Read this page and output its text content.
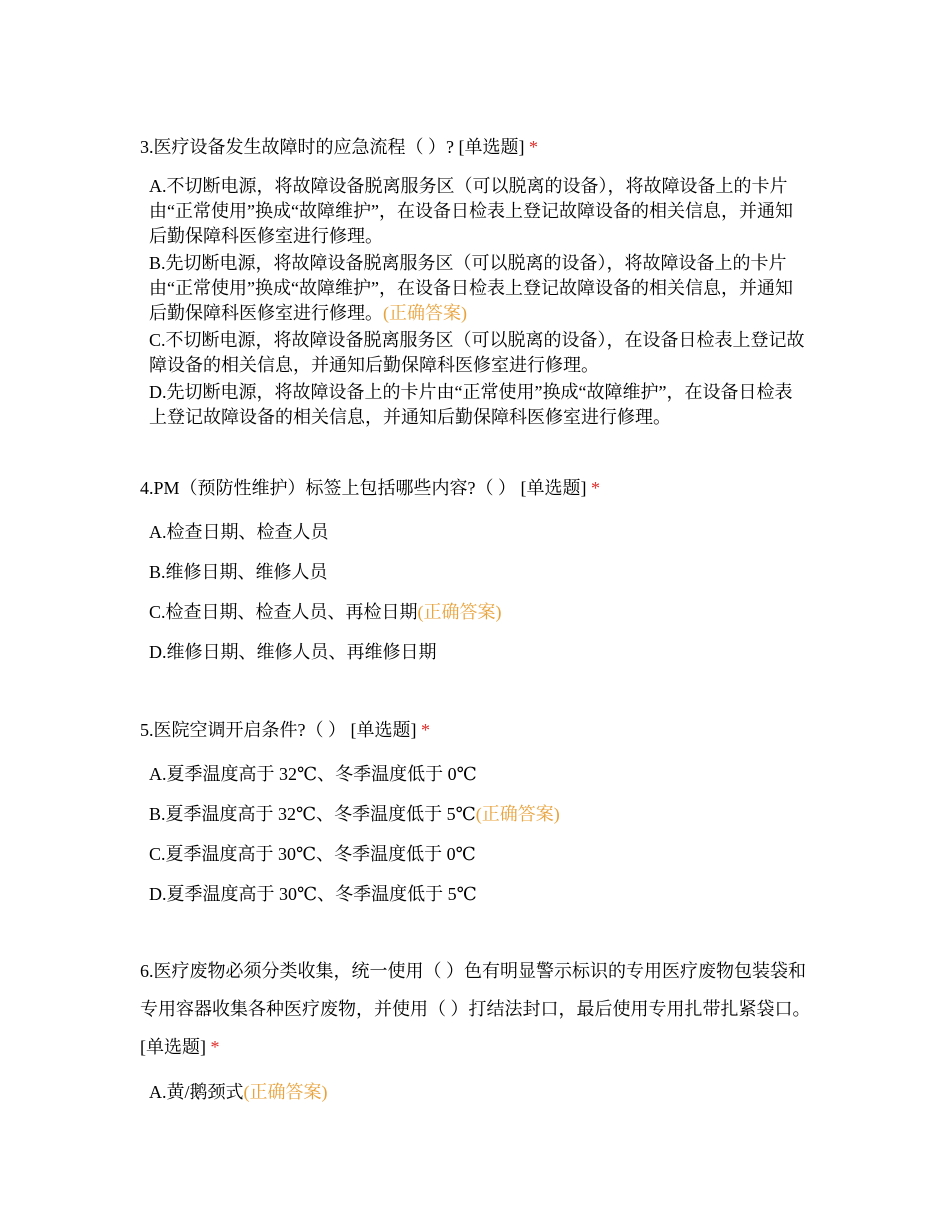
3.医疗设备发生故障时的应急流程（ ）? [单选题] *
A.不切断电源，将故障设备脱离服务区（可以脱离的设备），将故障设备上的卡片由“正常使用”换成“故障维护”，在设备日检表上登记故障设备的相关信息，并通知后勤保障科医修室进行修理。
B.先切断电源，将故障设备脱离服务区（可以脱离的设备），将故障设备上的卡片由“正常使用”换成“故障维护”，在设备日检表上登记故障设备的相关信息，并通知后勤保障科医修室进行修理。(正确答案)
C.不切断电源，将故障设备脱离服务区（可以脱离的设备），在设备日检表上登记故障设备的相关信息，并通知后勤保障科医修室进行修理。
D.先切断电源，将故障设备上的卡片由“正常使用”换成“故障维护”，在设备日检表上登记故障设备的相关信息，并通知后勤保障科医修室进行修理。
4.PM（预防性维护）标签上包括哪些内容?（ ） [单选题] *
A.检查日期、检查人员
B.维修日期、维修人员
C.检查日期、检查人员、再检日期(正确答案)
D.维修日期、维修人员、再维修日期
5.医院空调开启条件?（ ） [单选题] *
A.夏季温度高于 32℃、冬季温度低于 0℃
B.夏季温度高于 32℃、冬季温度低于 5℃(正确答案)
C.夏季温度高于 30℃、冬季温度低于 0℃
D.夏季温度高于 30℃、冬季温度低于 5℃
6.医疗废物必须分类收集，统一使用（ ）色有明显警示标识的专用医疗废物包装袋和专用容器收集各种医疗废物，并使用（ ）打结法封口，最后使用专用扎带扎紧袋口。 [单选题] *
A.黄/鹅颈式(正确答案)
